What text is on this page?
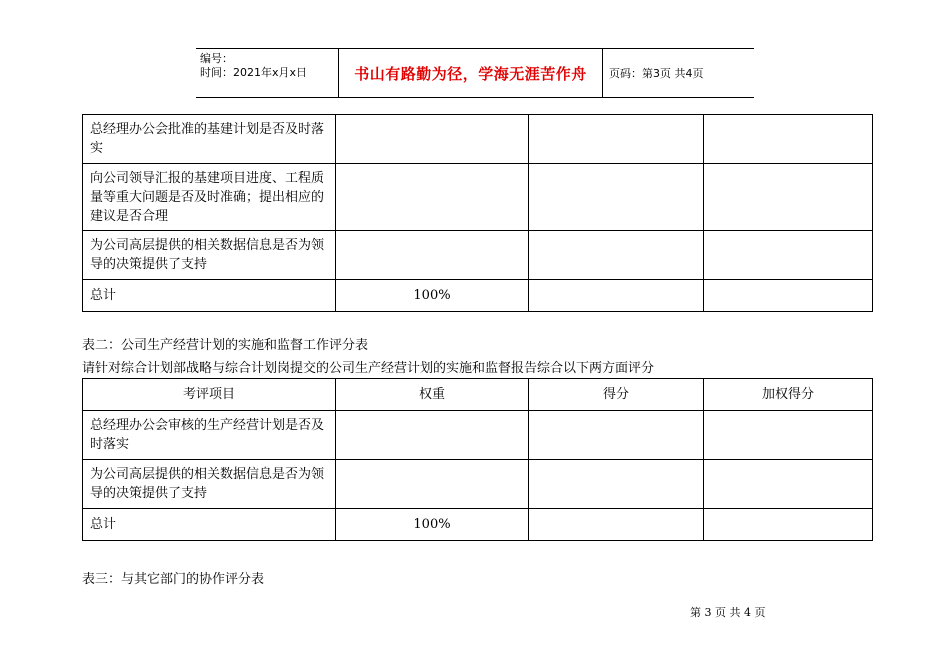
编号：
时间：2021年x月x日	书山有路勤为径，学海无涯苦作舟	页码：第3页 共4页
总经理办公会批准的基建计划是否及时落实			
向公司领导汇报的基建项目进度、工程质量等重大问题是否及时准确；提出相应的建议是否合理			
为公司高层提供的相关数据信息是否为领导的决策提供了支持			
总计	100%		
表二：公司生产经营计划的实施和监督工作评分表
请针对综合计划部战略与综合计划岗提交的公司生产经营计划的实施和监督报告综合以下两方面评分
考评项目	权重	得分	加权得分
总经理办公会审核的生产经营计划是否及时落实			
为公司高层提供的相关数据信息是否为领导的决策提供了支持			
总计	100%		
表三：与其它部门的协作评分表
第 3 页 共 4 页
